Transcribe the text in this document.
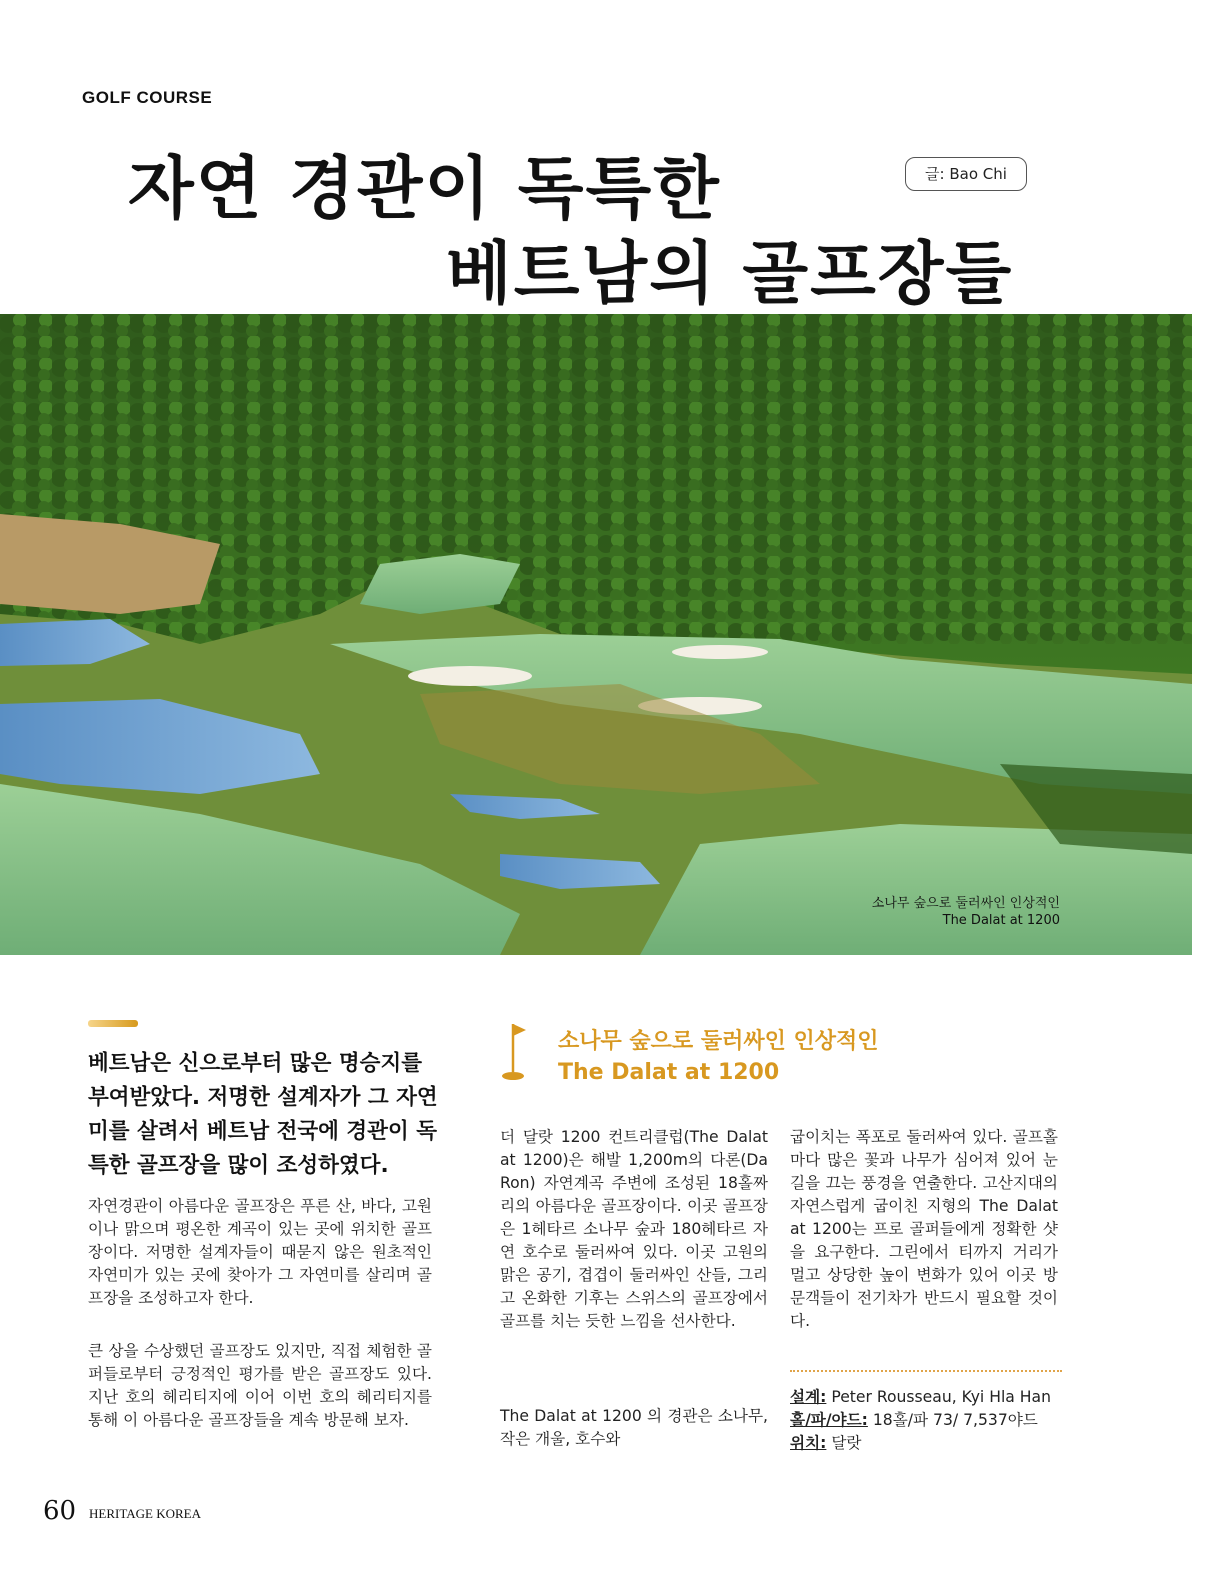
GOLF COURSE
자연 경관이 독특한
베트남의 골프장들
글: Bao Chi
소나무 숲으로 둘러싸인 인상적인
The Dalat at 1200
베트남은 신으로부터 많은 명승지를 부여받았다. 저명한 설계자가 그 자연미를 살려서 베트남 전국에 경관이 독특한 골프장을 많이 조성하였다.
자연경관이 아름다운 골프장은 푸른 산, 바다, 고원이나 맑으며 평온한 계곡이 있는 곳에 위치한 골프장이다. 저명한 설계자들이 때묻지 않은 원초적인 자연미가 있는 곳에 찾아가 그 자연미를 살리며 골프장을 조성하고자 한다.
큰 상을 수상했던 골프장도 있지만, 직접 체험한 골퍼들로부터 긍정적인 평가를 받은 골프장도 있다. 지난 호의 헤리티지에 이어 이번 호의 헤리티지를 통해 이 아름다운 골프장들을 계속 방문해 보자.
소나무 숲으로 둘러싸인 인상적인
The Dalat at 1200
더 달랏 1200 컨트리클럽(The Dalat at 1200)은 해발 1,200m의 다론(Da Ron) 자연계곡 주변에 조성된 18홀짜리의 아름다운 골프장이다. 이곳 골프장은 1헤타르 소나무 숲과 180헤타르 자연 호수로 둘러싸여 있다. 이곳 고원의 맑은 공기, 겹겹이 둘러싸인 산들, 그리고 온화한 기후는 스위스의 골프장에서 골프를 치는 듯한 느낌을 선사한다.
The Dalat at 1200 의 경관은 소나무, 작은 개울, 호수와
굽이치는 폭포로 둘러싸여 있다. 골프홀마다 많은 꽃과 나무가 심어져 있어 눈길을 끄는 풍경을 연출한다. 고산지대의 자연스럽게 굽이친 지형의 The Dalat at 1200는 프로 골퍼들에게 정확한 샷을 요구한다. 그린에서 티까지 거리가 멀고 상당한 높이 변화가 있어 이곳 방문객들이 전기차가 반드시 필요할 것이다.
설계: Peter Rousseau, Kyi Hla Han
홀/파/야드: 18홀/파 73/ 7,537야드
위치: 달랏
60 HERITAGE KOREA
